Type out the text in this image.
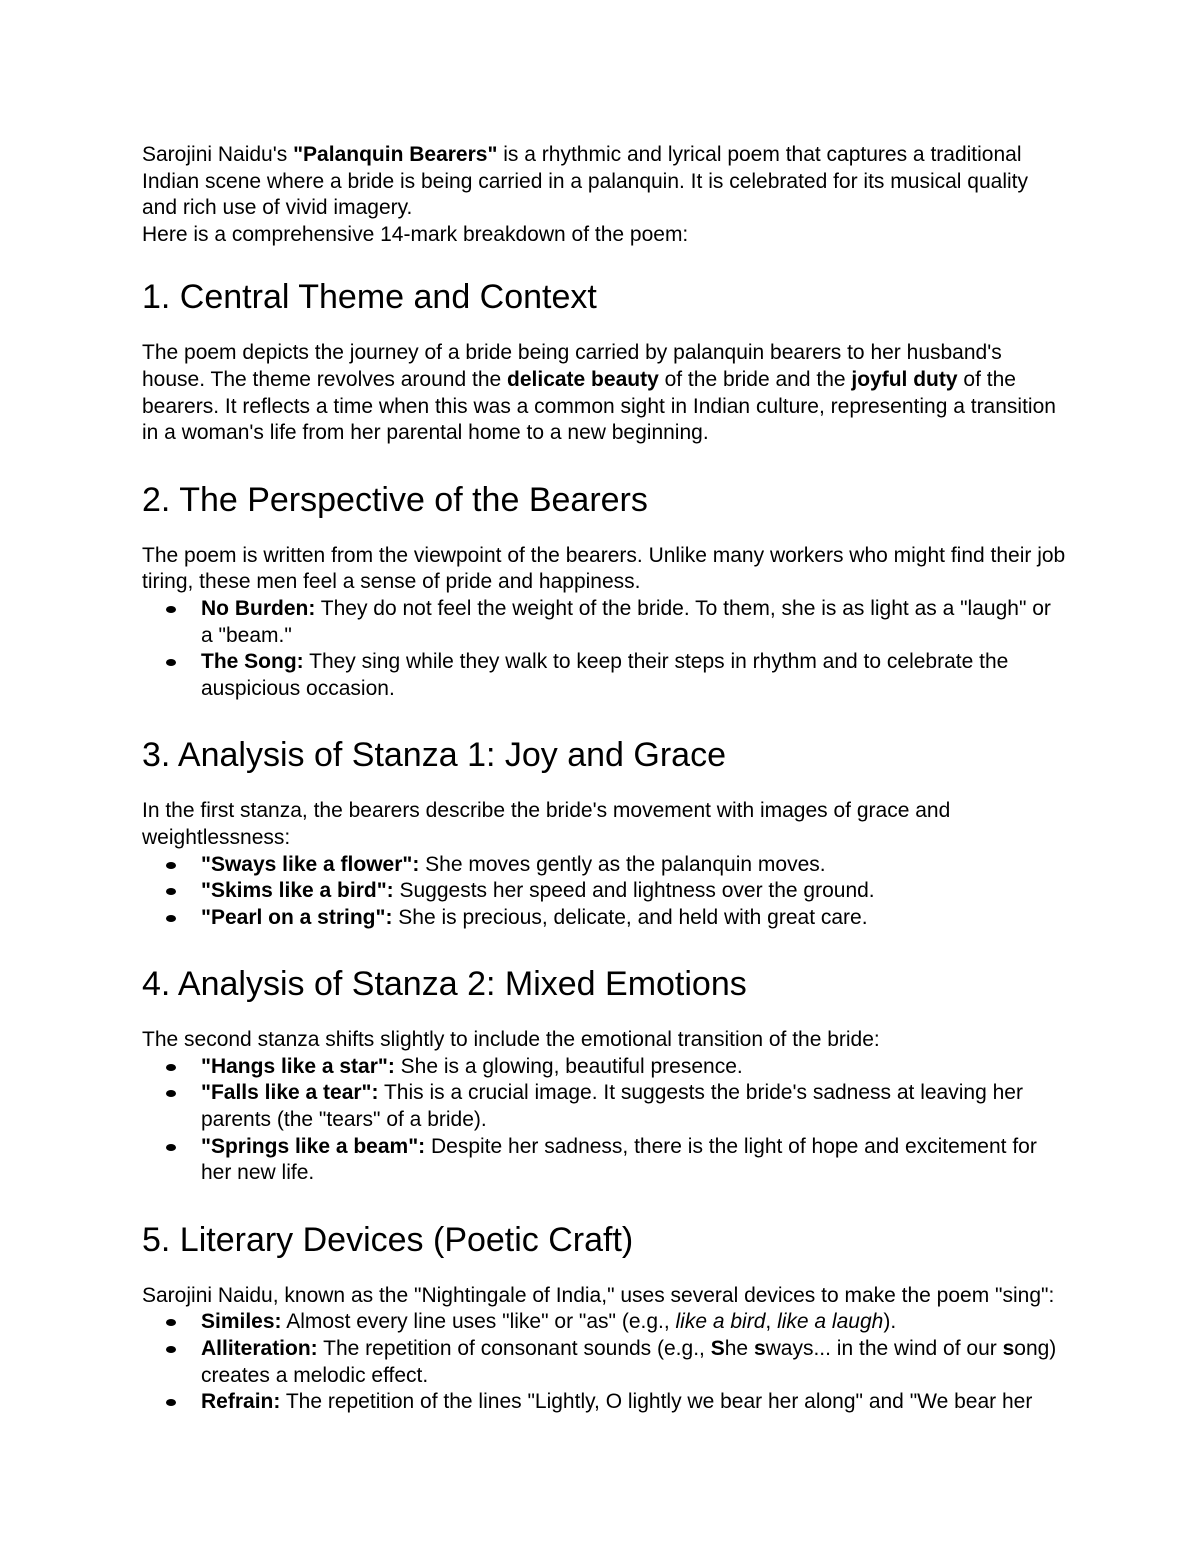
Sarojini Naidu's "Palanquin Bearers" is a rhythmic and lyrical poem that captures a traditional Indian scene where a bride is being carried in a palanquin. It is celebrated for its musical quality and rich use of vivid imagery.

Here is a comprehensive 14-mark breakdown of the poem:

1. Central Theme and Context

The poem depicts the journey of a bride being carried by palanquin bearers to her husband's house. The theme revolves around the delicate beauty of the bride and the joyful duty of the bearers. It reflects a time when this was a common sight in Indian culture, representing a transition in a woman's life from her parental home to a new beginning.

2. The Perspective of the Bearers

The poem is written from the viewpoint of the bearers. Unlike many workers who might find their job tiring, these men feel a sense of pride and happiness.

No Burden: They do not feel the weight of the bride. To them, she is as light as a "laugh" or a "beam."
The Song: They sing while they walk to keep their steps in rhythm and to celebrate the auspicious occasion.
3. Analysis of Stanza 1: Joy and Grace

In the first stanza, the bearers describe the bride's movement with images of grace and weightlessness:

"Sways like a flower": She moves gently as the palanquin moves.
"Skims like a bird": Suggests her speed and lightness over the ground.
"Pearl on a string": She is precious, delicate, and held with great care.
4. Analysis of Stanza 2: Mixed Emotions

The second stanza shifts slightly to include the emotional transition of the bride:

"Hangs like a star": She is a glowing, beautiful presence.
"Falls like a tear": This is a crucial image. It suggests the bride's sadness at leaving her parents (the "tears" of a bride).
"Springs like a beam": Despite her sadness, there is the light of hope and excitement for her new life.
5. Literary Devices (Poetic Craft)

Sarojini Naidu, known as the "Nightingale of India," uses several devices to make the poem "sing":

Similes: Almost every line uses "like" or "as" (e.g., like a bird, like a laugh).
Alliteration: The repetition of consonant sounds (e.g., She sways... in the wind of our song) creates a melodic effect.
Refrain: The repetition of the lines "Lightly, O lightly we bear her along" and "We bear her
